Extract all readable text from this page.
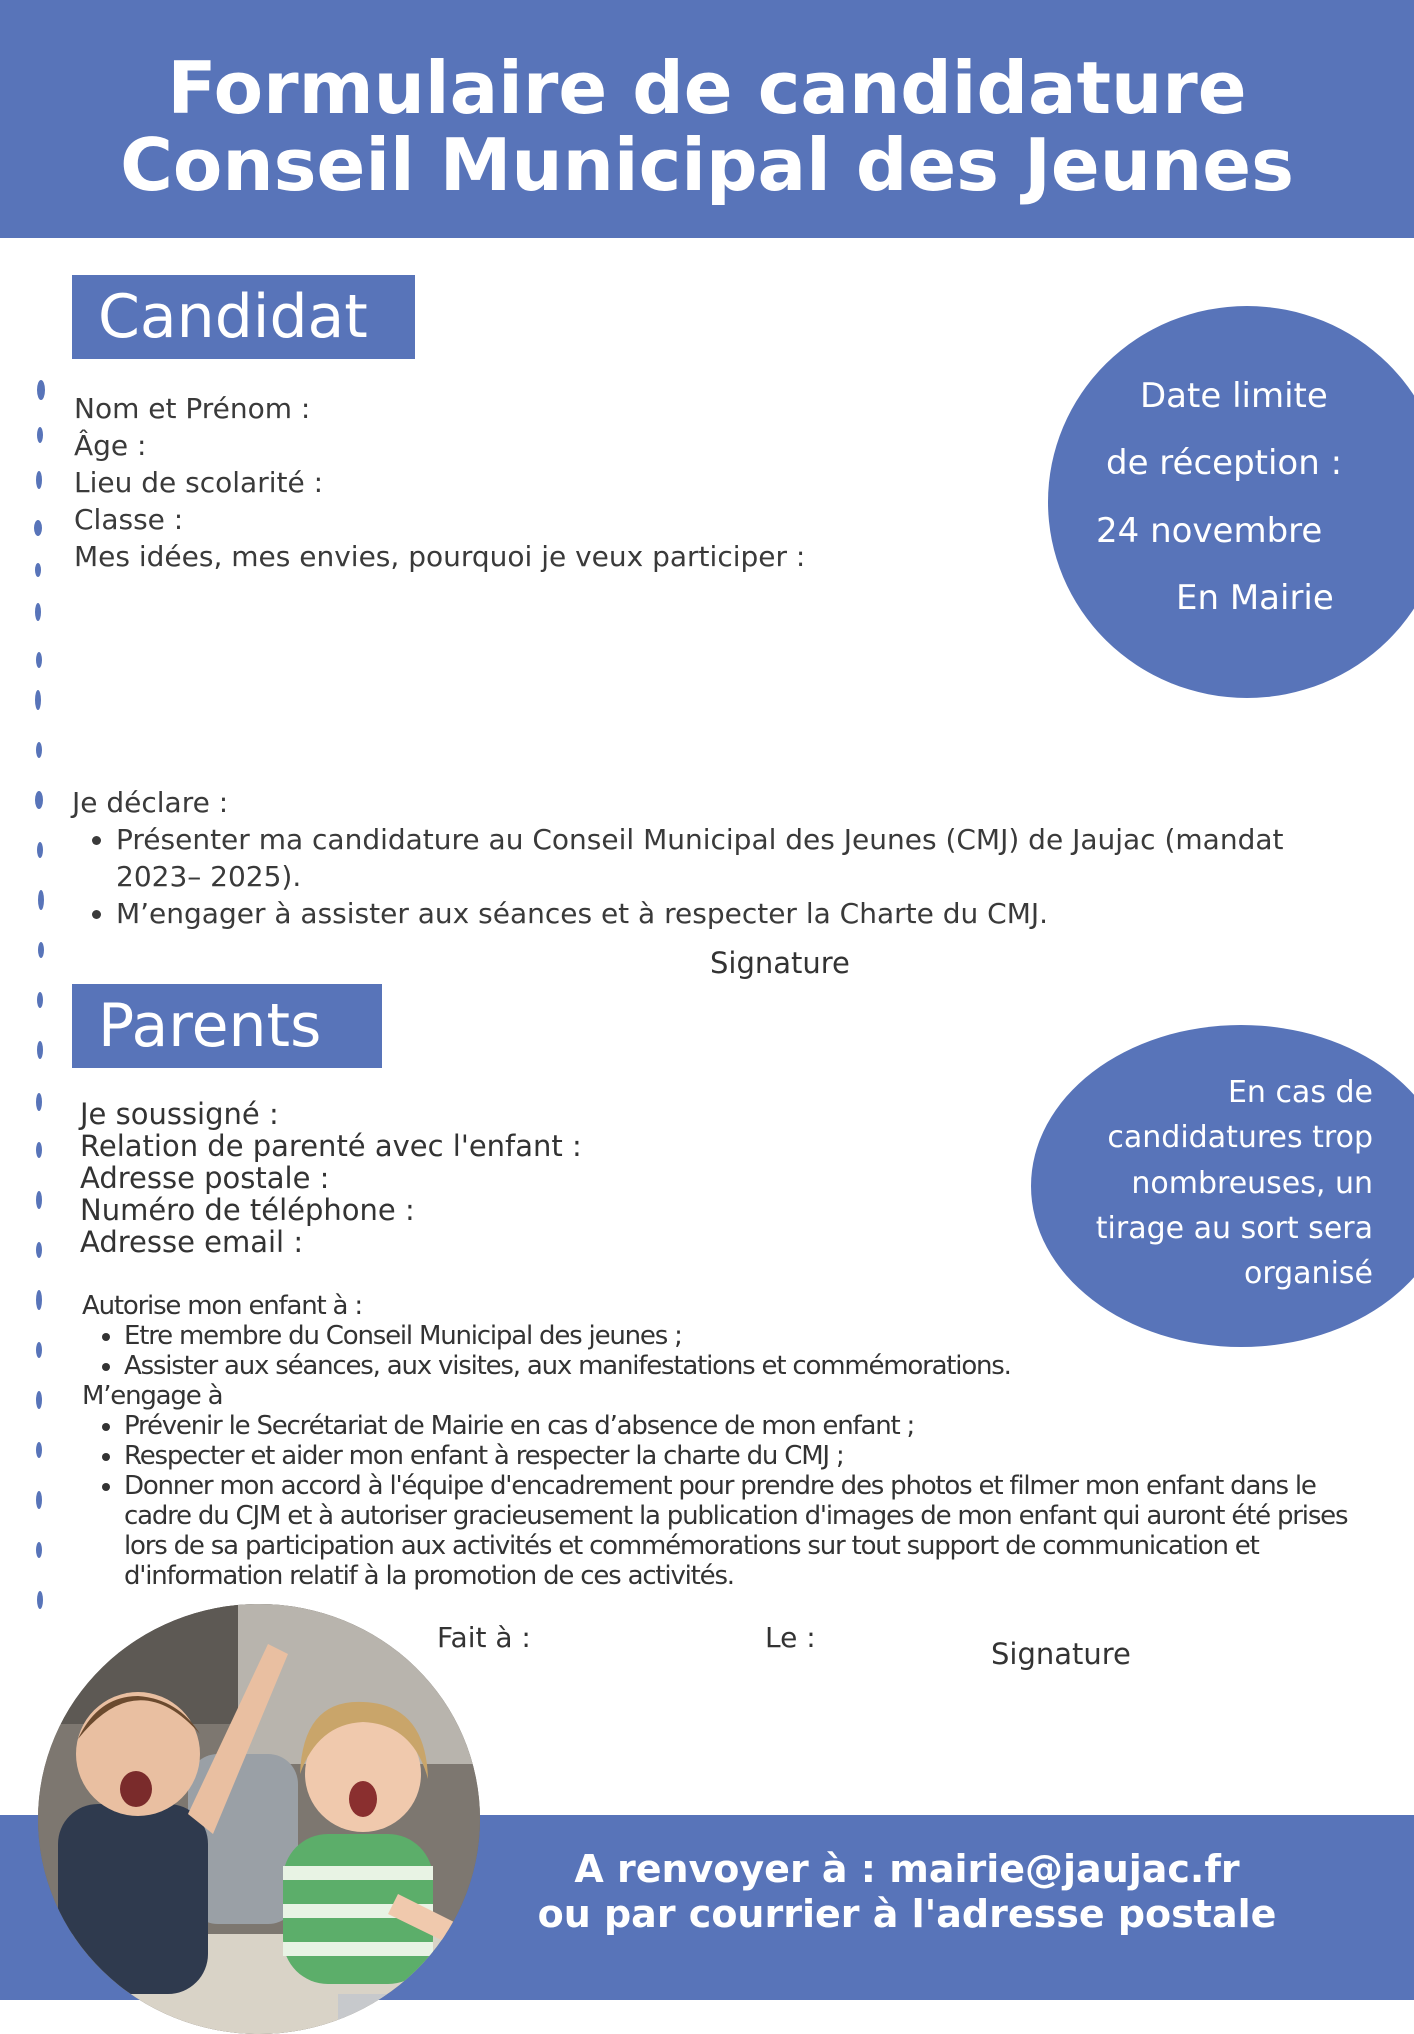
Formulaire de candidature
Conseil Municipal des Jeunes
Candidat
Nom et Prénom :
Âge :
Lieu de scolarité :
Classe :
Mes idées, mes envies, pourquoi je veux participer :
Je déclare :
• Présenter ma candidature au Conseil Municipal des Jeunes (CMJ) de Jaujac (mandat 2023– 2025).
• M’engager à assister aux séances et à respecter la Charte du CMJ.
Signature
Date limite
de réception :
24 novembre
En Mairie
Parents
Je soussigné :
Relation de parenté avec l'enfant :
Adresse postale :
Numéro de téléphone :
Adresse email :
Autorise mon enfant à :
• Etre membre du Conseil Municipal des jeunes ;
• Assister aux séances, aux visites, aux manifestations et commémorations.
M’engage à
• Prévenir le Secrétariat de Mairie en cas d’absence de mon enfant ;
• Respecter et aider mon enfant à respecter la charte du CMJ ;
• Donner mon accord à l'équipe d'encadrement pour prendre des photos et filmer mon enfant dans le cadre du CJM et à autoriser gracieusement la publication d'images de mon enfant qui auront été prises lors de sa participation aux activités et commémorations sur tout support de communication et d'information relatif à la promotion de ces activités.
Fait à :	Le :	Signature
En cas de
candidatures trop
nombreuses, un
tirage au sort sera
organisé
A renvoyer à : mairie@jaujac.fr
ou par courrier à l'adresse postale
